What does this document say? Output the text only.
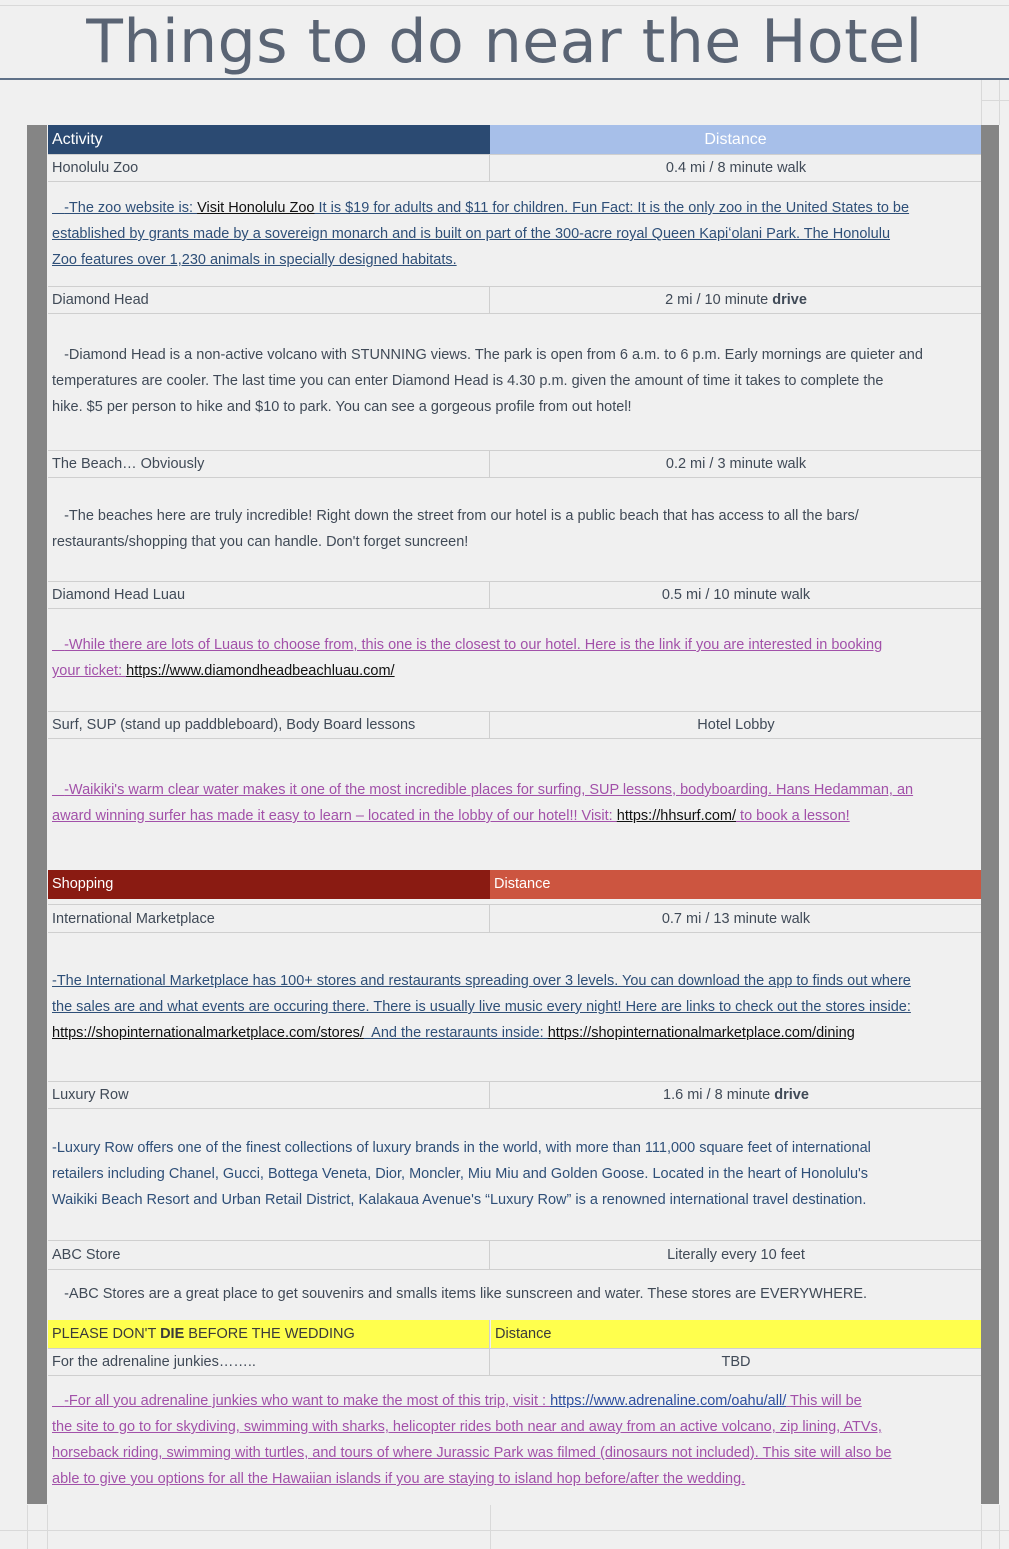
Things to do near the Hotel
Activity	Distance
Honolulu Zoo	0.4 mi / 8 minute walk
-The zoo website is: Visit Honolulu Zoo It is $19 for adults and $11 for children. Fun Fact: It is the only zoo in the United States to be
established by grants made by a sovereign monarch and is built on part of the 300-acre royal Queen Kapiʻolani Park. The Honolulu
Zoo features over 1,230 animals in specially designed habitats.
Diamond Head	2 mi / 10 minute drive
-Diamond Head is a non-active volcano with STUNNING views. The park is open from 6 a.m. to 6 p.m. Early mornings are quieter and
temperatures are cooler. The last time you can enter Diamond Head is 4.30 p.m. given the amount of time it takes to complete the
hike. $5 per person to hike and $10 to park. You can see a gorgeous profile from out hotel!
The Beach… Obviously	0.2 mi / 3 minute walk
-The beaches here are truly incredible! Right down the street from our hotel is a public beach that has access to all the bars/
restaurants/shopping that you can handle. Don't forget suncreen!
Diamond Head Luau	0.5 mi / 10 minute walk
-While there are lots of Luaus to choose from, this one is the closest to our hotel. Here is the link if you are interested in booking
your ticket: https://www.diamondheadbeachluau.com/
Surf, SUP (stand up paddbleboard), Body Board lessons	Hotel Lobby
-Waikiki's warm clear water makes it one of the most incredible places for surfing, SUP lessons, bodyboarding. Hans Hedamman, an
award winning surfer has made it easy to learn – located in the lobby of our hotel!! Visit: https://hhsurf.com/ to book a lesson!
Shopping	Distance
International Marketplace	0.7 mi / 13 minute walk
-The International Marketplace has 100+ stores and restaurants spreading over 3 levels. You can download the app to finds out where
the sales are and what events are occuring there. There is usually live music every night! Here are links to check out the stores inside:
https://shopinternationalmarketplace.com/stores/  And the restaraunts inside: https://shopinternationalmarketplace.com/dining
Luxury Row	1.6 mi / 8 minute drive
-Luxury Row offers one of the finest collections of luxury brands in the world, with more than 111,000 square feet of international
retailers including Chanel, Gucci, Bottega Veneta, Dior, Moncler, Miu Miu and Golden Goose. Located in the heart of Honolulu's
Waikiki Beach Resort and Urban Retail District, Kalakaua Avenue's “Luxury Row” is a renowned international travel destination.
ABC Store	Literally every 10 feet
-ABC Stores are a great place to get souvenirs and smalls items like sunscreen and water. These stores are EVERYWHERE.
PLEASE DON'T DIE BEFORE THE WEDDING	Distance
For the adrenaline junkies……..	TBD
-For all you adrenaline junkies who want to make the most of this trip, visit : https://www.adrenaline.com/oahu/all/ This will be
the site to go to for skydiving, swimming with sharks, helicopter rides both near and away from an active volcano, zip lining, ATVs,
horseback riding, swimming with turtles, and tours of where Jurassic Park was filmed (dinosaurs not included). This site will also be
able to give you options for all the Hawaiian islands if you are staying to island hop before/after the wedding.
